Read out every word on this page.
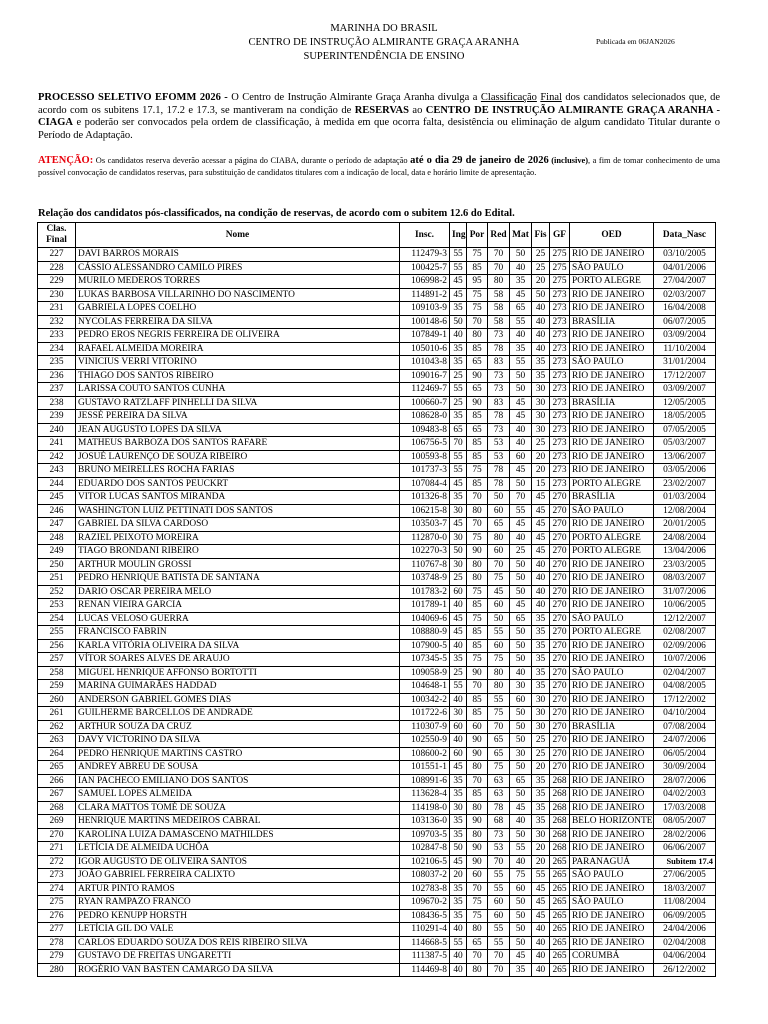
MARINHA DO BRASIL
CENTRO DE INSTRUÇÃO ALMIRANTE GRAÇA ARANHA
SUPERINTENDÊNCIA DE ENSINO
Publicada em 06JAN2026
PROCESSO SELETIVO EFOMM 2026 - O Centro de Instrução Almirante Graça Aranha divulga a Classificação Final dos candidatos selecionados que, de acordo com os subitens 17.1, 17.2 e 17.3, se mantiveram na condição de RESERVAS ao CENTRO DE INSTRUÇÃO ALMIRANTE GRAÇA ARANHA - CIAGA e poderão ser convocados pela ordem de classificação, à medida em que ocorra falta, desistência ou eliminação de algum candidato Titular durante o Período de Adaptação.
ATENÇÃO: Os candidatos reserva deverão acessar a página do CIABA, durante o período de adaptação até o dia 29 de janeiro de 2026 (inclusive), a fim de tomar conhecimento de uma possível convocação de candidatos reservas, para substituição de candidatos titulares com a indicação de local, data e horário limite de apresentação.
Relação dos candidatos pós-classificados, na condição de reservas, de acordo com o subitem 12.6 do Edital.
Clas. Final	Nome	Insc.	Ing	Por	Red	Mat	Fis	GF	OED	Data_Nasc
227	DAVI BARROS MORAIS	112479-3	55	75	70	50	25	275	RIO DE JANEIRO	03/10/2005
228	CÁSSIO ALESSANDRO CAMILO PIRES	100425-7	55	85	70	40	25	275	SÃO PAULO	04/01/2006
229	MURILO MEDEROS TORRES	106998-2	45	95	80	35	20	275	PORTO ALEGRE	27/04/2007
230	LUKAS BARBOSA VILLARINHO DO NASCIMENTO	114891-2	45	75	58	45	50	273	RIO DE JANEIRO	02/03/2007
231	GABRIELA LOPES COELHO	109103-9	35	75	58	65	40	273	RIO DE JANEIRO	16/04/2008
232	NYCOLAS FERREIRA DA SILVA	100148-6	50	70	58	55	40	273	BRASÍLIA	06/07/2005
233	PEDRO EROS NEGRIS FERREIRA DE OLIVEIRA	107849-1	40	80	73	40	40	273	RIO DE JANEIRO	03/09/2004
234	RAFAEL ALMEIDA MOREIRA	105010-6	35	85	78	35	40	273	RIO DE JANEIRO	11/10/2004
235	VINICIUS VERRI VITORINO	101043-8	35	65	83	55	35	273	SÃO PAULO	31/01/2004
236	THIAGO DOS SANTOS RIBEIRO	109016-7	25	90	73	50	35	273	RIO DE JANEIRO	17/12/2007
237	LARISSA COUTO SANTOS CUNHA	112469-7	55	65	73	50	30	273	RIO DE JANEIRO	03/09/2007
238	GUSTAVO RATZLAFF PINHELLI DA SILVA	100660-7	25	90	83	45	30	273	BRASÍLIA	12/05/2005
239	JESSÉ PEREIRA DA SILVA	108628-0	35	85	78	45	30	273	RIO DE JANEIRO	18/05/2005
240	JEAN AUGUSTO LOPES DA SILVA	109483-8	65	65	73	40	30	273	RIO DE JANEIRO	07/05/2005
241	MATHEUS BARBOZA DOS SANTOS RAFARE	106756-5	70	85	53	40	25	273	RIO DE JANEIRO	05/03/2007
242	JOSUÉ LAURENÇO DE SOUZA RIBEIRO	100593-8	55	85	53	60	20	273	RIO DE JANEIRO	13/06/2007
243	BRUNO MEIRELLES ROCHA FARIAS	101737-3	55	75	78	45	20	273	RIO DE JANEIRO	03/05/2006
244	EDUARDO DOS SANTOS PEUCKRT	107084-4	45	85	78	50	15	273	PORTO ALEGRE	23/02/2007
245	VITOR LUCAS SANTOS MIRANDA	101326-8	35	70	50	70	45	270	BRASÍLIA	01/03/2004
246	WASHINGTON LUIZ PETTINATI DOS SANTOS	106215-8	30	80	60	55	45	270	SÃO PAULO	12/08/2004
247	GABRIEL DA SILVA CARDOSO	103503-7	45	70	65	45	45	270	RIO DE JANEIRO	20/01/2005
248	RAZIEL PEIXOTO MOREIRA	112870-0	30	75	80	40	45	270	PORTO ALEGRE	24/08/2004
249	TIAGO BRONDANI RIBEIRO	102270-3	50	90	60	25	45	270	PORTO ALEGRE	13/04/2006
250	ARTHUR MOULIN GROSSI	110767-8	30	80	70	50	40	270	RIO DE JANEIRO	23/03/2005
251	PEDRO HENRIQUE BATISTA DE SANTANA	103748-9	25	80	75	50	40	270	RIO DE JANEIRO	08/03/2007
252	DARIO OSCAR PEREIRA MELO	101783-2	60	75	45	50	40	270	RIO DE JANEIRO	31/07/2006
253	RENAN VIEIRA GARCIA	101789-1	40	85	60	45	40	270	RIO DE JANEIRO	10/06/2005
254	LUCAS VELOSO GUERRA	104069-6	45	75	50	65	35	270	SÃO PAULO	12/12/2007
255	FRANCISCO FABRIN	108880-9	45	85	55	50	35	270	PORTO ALEGRE	02/08/2007
256	KARLA VITÓRIA OLIVEIRA DA SILVA	107900-5	40	85	60	50	35	270	RIO DE JANEIRO	02/09/2006
257	VÍTOR SOARES ALVES DE ARAUJO	107345-5	35	75	75	50	35	270	RIO DE JANEIRO	10/07/2006
258	MIGUEL HENRIQUE AFFONSO BORTOTTI	109058-9	25	90	80	40	35	270	SÃO PAULO	02/04/2007
259	MARINA GUIMARÃES HADDAD	104648-1	55	70	80	30	35	270	RIO DE JANEIRO	04/08/2005
260	ANDERSON GABRIEL GOMES DIAS	100342-2	40	85	55	60	30	270	RIO DE JANEIRO	17/12/2002
261	GUILHERME BARCELLOS DE ANDRADE	101722-6	30	85	75	50	30	270	RIO DE JANEIRO	04/10/2004
262	ARTHUR SOUZA DA CRUZ	110307-9	60	60	70	50	30	270	BRASÍLIA	07/08/2004
263	DAVY VICTORINO DA SILVA	102550-9	40	90	65	50	25	270	RIO DE JANEIRO	24/07/2006
264	PEDRO HENRIQUE MARTINS CASTRO	108600-2	60	90	65	30	25	270	RIO DE JANEIRO	06/05/2004
265	ANDREY ABREU DE SOUSA	101551-1	45	80	75	50	20	270	RIO DE JANEIRO	30/09/2004
266	IAN PACHECO EMILIANO DOS SANTOS	108991-6	35	70	63	65	35	268	RIO DE JANEIRO	28/07/2006
267	SAMUEL LOPES ALMEIDA	113628-4	35	85	63	50	35	268	RIO DE JANEIRO	04/02/2003
268	CLARA MATTOS TOMÉ DE SOUZA	114198-0	30	80	78	45	35	268	RIO DE JANEIRO	17/03/2008
269	HENRIQUE MARTINS MEDEIROS CABRAL	103136-0	35	90	68	40	35	268	BELO HORIZONTE	08/05/2007
270	KAROLINA LUIZA DAMASCENO MATHILDES	109703-5	35	80	73	50	30	268	RIO DE JANEIRO	28/02/2006
271	LETÍCIA DE ALMEIDA UCHÔA	102847-8	50	90	53	55	20	268	RIO DE JANEIRO	06/06/2007
272	IGOR AUGUSTO DE OLIVEIRA SANTOS	102106-5	45	90	70	40	20	265	PARANAGUÁ	Subitem 17.4
273	JOÃO GABRIEL FERREIRA CALIXTO	108037-2	20	60	55	75	55	265	SÃO PAULO	27/06/2005
274	ARTUR PINTO RAMOS	102783-8	35	70	55	60	45	265	RIO DE JANEIRO	18/03/2007
275	RYAN RAMPAZO FRANCO	109670-2	35	75	60	50	45	265	SÃO PAULO	11/08/2004
276	PEDRO KENUPP HORSTH	108436-5	35	75	60	50	45	265	RIO DE JANEIRO	06/09/2005
277	LETÍCIA GIL DO VALE	110291-4	40	80	55	50	40	265	RIO DE JANEIRO	24/04/2006
278	CARLOS EDUARDO SOUZA DOS REIS RIBEIRO SILVA	114668-5	55	65	55	50	40	265	RIO DE JANEIRO	02/04/2008
279	GUSTAVO DE FREITAS UNGARETTI	111387-5	40	70	70	45	40	265	CORUMBÁ	04/06/2004
280	ROGÉRIO VAN BASTEN CAMARGO DA SILVA	114469-8	40	80	70	35	40	265	RIO DE JANEIRO	26/12/2002
